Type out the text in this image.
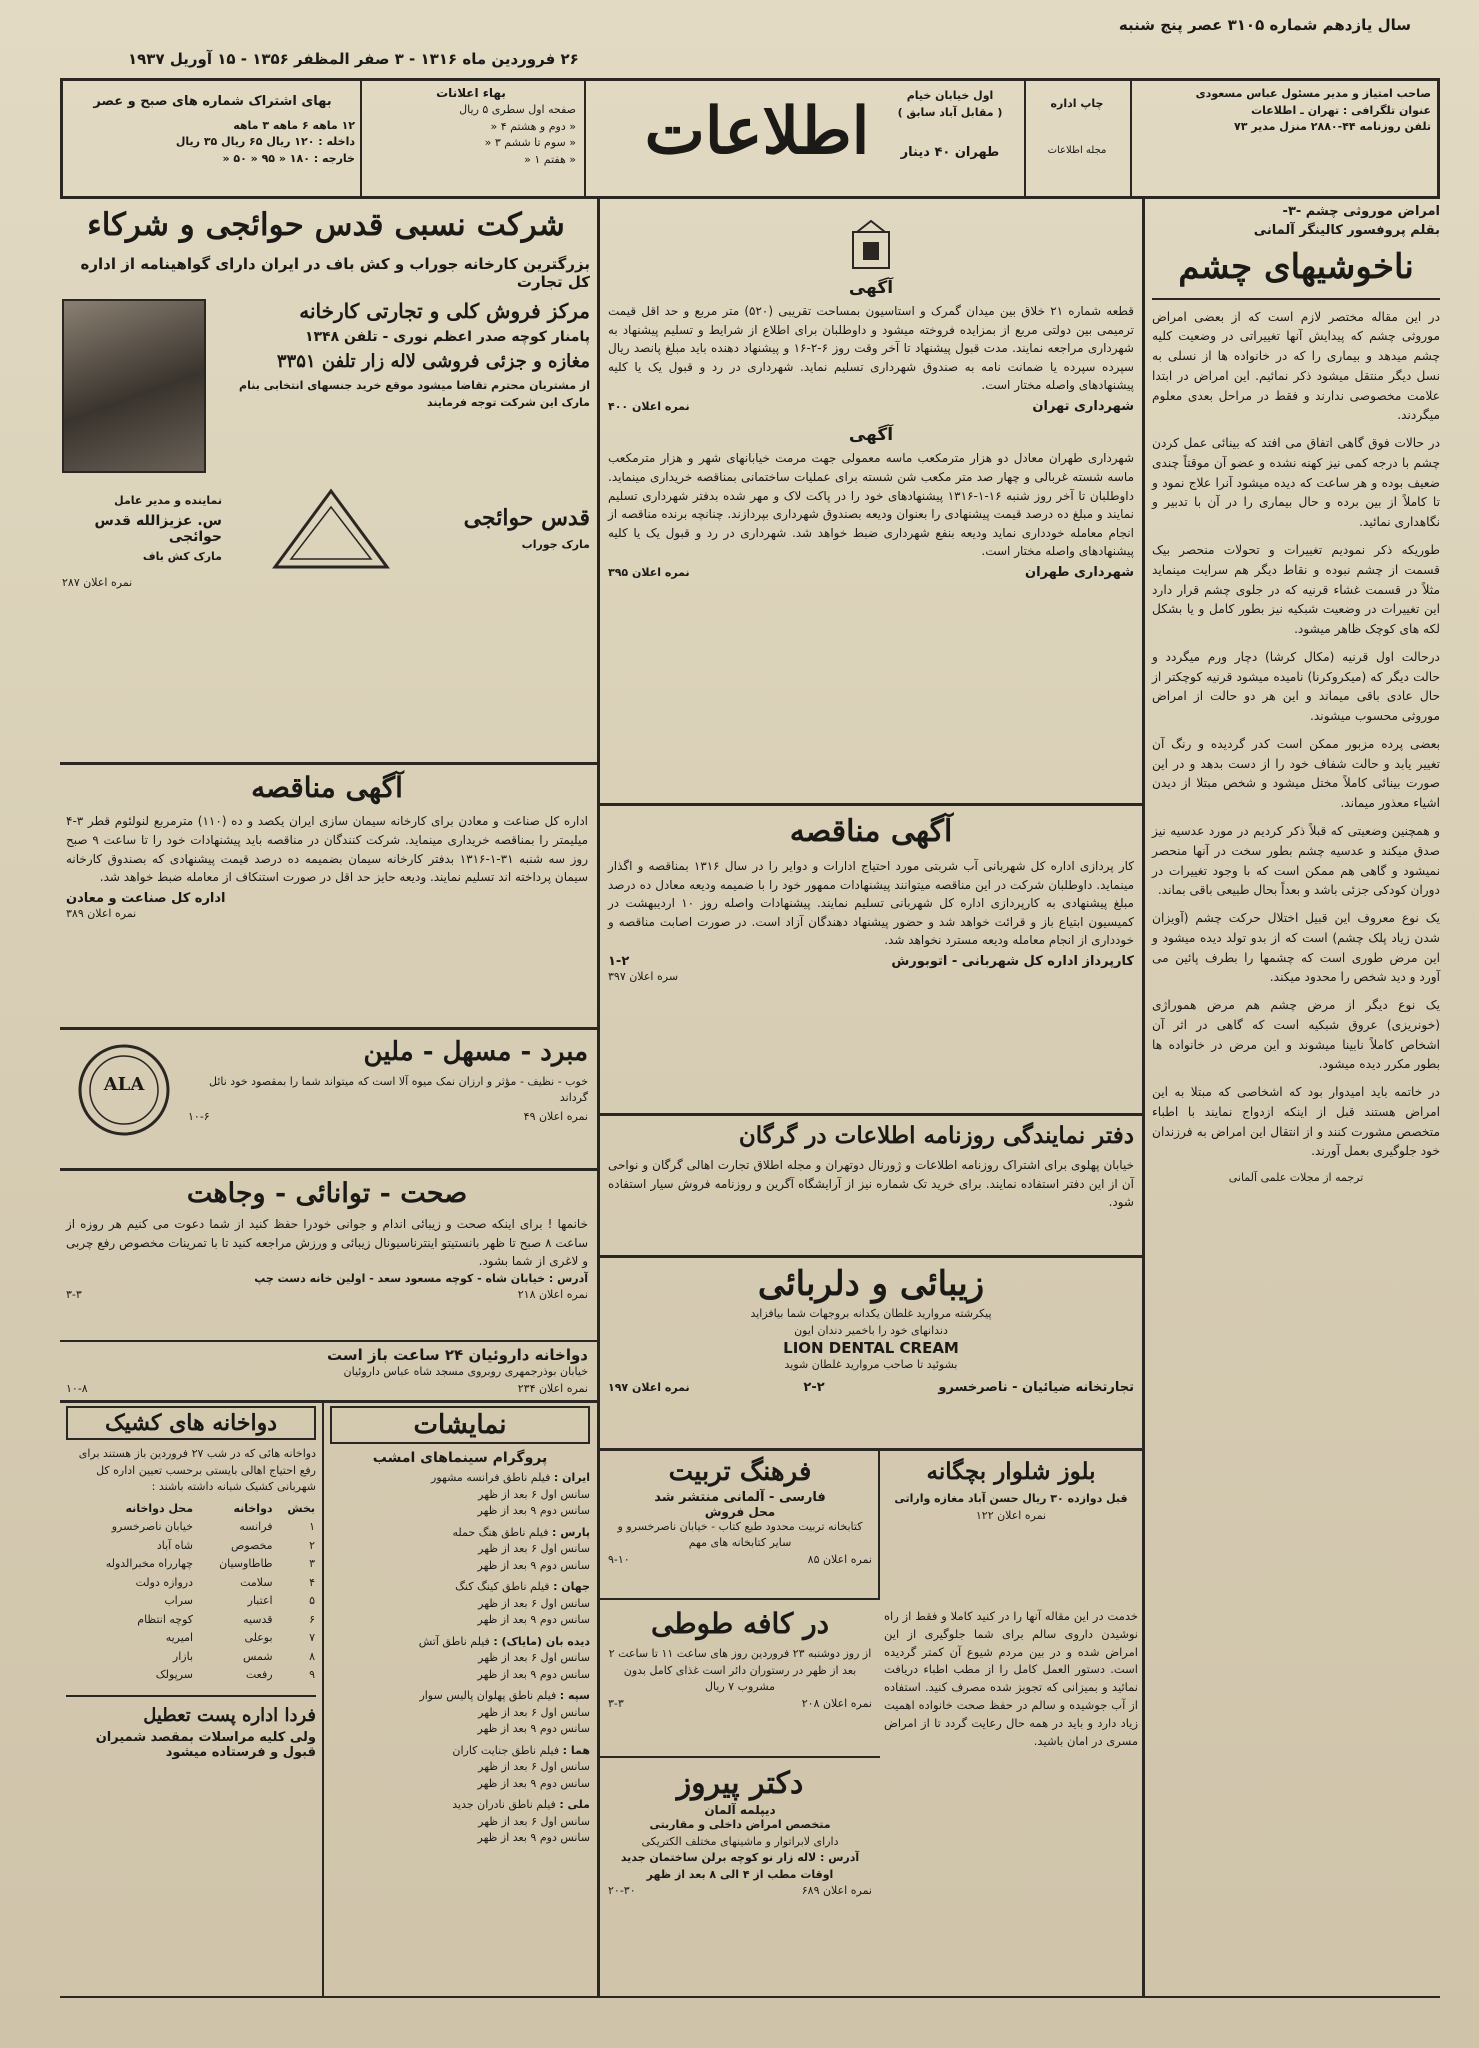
سال یازدهم شماره ۳۱۰۵ عصر پنج شنبه
۲۶ فروردین ماه ۱۳۱۶ - ۳ صفر المظفر ۱۳۵۶ - ۱۵ آوریل ۱۹۳۷
صاحب امتیاز و مدیر مسئول عباس مسعودی
عنوان تلگرافی : تهران ـ اطلاعات
تلفن روزنامه ۴۴-۲۸۸۰ منزل مدیر ۷۳
چاپ اداره
مجله اطلاعات
اطلاعات	اول خیابان خیام
( مقابل آباد سابق )
طهران ۴۰ دینار
بهاء اعلانات
صفحه اول سطری ۵ ریال
« دوم و هشتم ۴ «
« سوم تا ششم ۳ «
« هفتم ۱ «
بهای اشتراک شماره های صبح و عصر
۱۲ ماهه ۶ ماهه ۳ ماهه
داخله : ۱۲۰ ریال ۶۵ ریال ۳۵ ریال
خارجه : ۱۸۰ « ۹۵ « ۵۰ «
امراض موروثی چشم -۳-
بقلم پروفسور کالینگر آلمانی
ناخوشیهای چشم

در این مقاله مختصر لازم است که از بعضی امراض موروثی چشم که پیدایش آنها تغییراتی در وضعیت کلیه چشم میدهد و بیماری را که در خانواده ها از نسلی به نسل دیگر منتقل میشود ذکر نمائیم. این امراض در ابتدا علامت مخصوصی ندارند و فقط در مراحل بعدی معلوم میگردند.

در حالات فوق گاهی اتفاق می افتد که بینائی عمل کردن چشم با درجه کمی نیز کهنه نشده و عضو آن موقتاً چندی ضعیف بوده و هر ساعت که دیده میشود آنرا علاج نمود و تا کاملاً از بین برده و حال بیماری را در آن با تدبیر و نگاهداری نمائید.

طوریکه ذکر نمودیم تغییرات و تحولات منحصر بیک قسمت از چشم نبوده و نقاط دیگر هم سرایت مینماید مثلاً در قسمت غشاء قرنیه که در جلوی چشم قرار دارد این تغییرات در وضعیت شبکیه نیز بطور کامل و یا بشکل لکه های کوچک ظاهر میشود.

درحالت اول قرنیه (مکال کرشا) دچار ورم میگردد و حالت دیگر که (میکروکرنا) نامیده میشود قرنیه کوچکتر از حال عادی باقی میماند و این هر دو حالت از امراض موروثی محسوب میشوند.

بعضی پرده مزبور ممکن است کدر گردیده و رنگ آن تغییر یابد و حالت شفاف خود را از دست بدهد و در این صورت بینائی کاملاً مختل میشود و شخص مبتلا از دیدن اشیاء معذور میماند.

و همچنین وضعیتی که قبلاً ذکر کردیم در مورد عدسیه نیز صدق میکند و عدسیه چشم بطور سخت در آنها منحصر نمیشود و گاهی هم ممکن است که با وجود تغییرات در دوران کودکی جزئی باشد و بعداً بحال طبیعی باقی بماند.

یک نوع معروف این قبیل اختلال حرکت چشم (آویزان شدن زیاد پلک چشم) است که از بدو تولد دیده میشود و این مرض طوری است که چشمها را بطرف پائین می آورد و دید شخص را محدود میکند.

یک نوع دیگر از مرض چشم هم مرض هموراژی (خونریزی) عروق شبکیه است که گاهی در اثر آن اشخاص کاملاً نابینا میشوند و این مرض در خانواده ها بطور مکرر دیده میشود.

در خاتمه باید امیدوار بود که اشخاصی که مبتلا به این امراض هستند قبل از اینکه ازدواج نمایند با اطباء متخصص مشورت کنند و از انتقال این امراض به فرزندان خود جلوگیری بعمل آورند.

ترجمه از مجلات علمی آلمانی
آگهی
قطعه شماره ۲۱ خلاق بین میدان گمرک و استاسیون بمساحت تقریبی (۵۲۰) متر مربع و حد اقل قیمت ترمیمی بین دولتی مربع از بمزایده فروخته میشود و داوطلبان برای اطلاع از شرایط و تسلیم پیشنهاد به شهرداری مراجعه نمایند. مدت قبول پیشنهاد تا آخر وقت روز ۶-۲-۱۶ و پیشنهاد دهنده باید مبلغ پانصد ریال سپرده سپرده یا ضمانت نامه به صندوق شهرداری تسلیم نماید. شهرداری در رد و قبول یک یا کلیه پیشنهادهای واصله مختار است.
شهرداری تهران
نمره اعلان ۴۰۰
آگهی
شهرداری طهران معادل دو هزار مترمکعب ماسه معمولی جهت مرمت خیابانهای شهر و هزار مترمکعب ماسه شسته غربالی و چهار صد متر مکعب شن شسته برای عملیات ساختمانی بمناقصه خریداری مینماید. داوطلبان تا آخر روز شنبه ۱۶-۱-۱۳۱۶ پیشنهادهای خود را در پاکت لاک و مهر شده بدفتر شهرداری تسلیم نمایند و مبلغ ده درصد قیمت پیشنهادی را بعنوان ودیعه بصندوق شهرداری بپردازند. چنانچه برنده مناقصه از انجام معامله خودداری نماید ودیعه بنفع شهرداری ضبط خواهد شد. شهرداری در رد و قبول یک یا کلیه پیشنهادهای واصله مختار است.
شهرداری طهران
نمره اعلان ۳۹۵
آگهی مناقصه
کار پردازی اداره کل شهربانی آب شربتی مورد احتیاج ادارات و دوایر را در سال ۱۳۱۶ بمناقصه و اگذار مینماید. داوطلبان شرکت در این مناقصه میتوانند پیشنهادات ممهور خود را با ضمیمه ودیعه معادل ده درصد مبلغ پیشنهادی به کارپردازی اداره کل شهربانی تسلیم نمایند. پیشنهادات واصله روز ۱۰ اردیبهشت در کمیسیون ابتیاع باز و قرائت خواهد شد و حضور پیشنهاد دهندگان آزاد است. در صورت اصابت مناقصه و خودداری از انجام معامله ودیعه مسترد نخواهد شد.
کارپرداز اداره کل شهربانی - اتوبورش
۱-۲
سره اعلان ۳۹۷
دفتر نمایندگی روزنامه اطلاعات در گرگان
خیابان پهلوی برای اشتراک روزنامه اطلاعات و ژورنال دوتهران و مجله اطلاق تجارت اهالی گرگان و نواحی آن از این دفتر استفاده نمایند. برای خرید تک شماره نیز از آرایشگاه آگرین و روزنامه فروش سیار استفاده شود.
زیبائی و دلربائی
پیکرشته مروارید غلطان یکدانه بروجهات شما بیافزاید
دندانهای خود را باخمیر دندان ایون
LION DENTAL CREAM
بشوئید تا صاحب مروارید غلطان شوید
تجارتخانه ضیائیان - ناصرخسرو
۲-۲
نمره اعلان ۱۹۷
بلوز شلوار بچگانه
قبل دوازده ۳۰ ریال حسن آباد مغازه واراتی
نمره اعلان ۱۲۲
فرهنگ تربیت
فارسی - آلمانی منتشر شد
محل فروش
کتابخانه تربیت محدود طبع کتاب - خیابان ناصرخسرو و سایر کتابخانه های مهم
نمره اعلان ۸۵
۹-۱۰
خدمت در این مقاله آنها را در کنید کاملا و فقط از راه نوشیدن داروی سالم برای شما جلوگیری از این امراض شده و در بین مردم شیوع آن کمتر گردیده است. دستور العمل کامل را از مطب اطباء دریافت نمائید و بمیزانی که تجویز شده مصرف کنید. استفاده از آب جوشیده و سالم در حفظ صحت خانواده اهمیت زیاد دارد و باید در همه حال رعایت گردد تا از امراض مسری در امان باشید.
در کافه طوطی
از روز دوشنبه ۲۳ فروردین روز های ساعت ۱۱ تا ساعت ۲ بعد از ظهر در رستوران دائر است غذای کامل بدون مشروب ۷ ریال
نمره اعلان ۲۰۸
۳-۳
دکتر پیروز
دیپلمه آلمان
متخصص امراض داخلی و مقاربتی
دارای لابراتوار و ماشینهای مختلف الکتریکی
آدرس : لاله زار نو کوچه برلن ساختمان جدید
اوقات مطب از ۴ الی ۸ بعد از ظهر
نمره اعلان ۶۸۹
۲۰-۳۰
شرکت نسبی قدس حوائجی و شرکاء
بزرگترین کارخانه جوراب و کش باف در ایران دارای گواهینامه از اداره کل تجارت
مرکز فروش کلی و تجارتی کارخانه
پامنار کوچه صدر اعظم نوری - تلفن ۱۳۴۸
مغازه و جزئی فروشی لاله زار تلفن ۳۳۵۱
از مشتریان محترم تقاضا میشود موقع خرید جنسهای انتخابی بنام مارک این شرکت توجه فرمایند
قدس حوائجی
مارک جوراب
نماینده و مدیر عامل
س. عزیزالله قدس حوائجی
مارک کش باف
نمره اعلان ۲۸۷
آگهی مناقصه
اداره کل صناعت و معادن برای کارخانه سیمان سازی ایران یکصد و ده (۱۱۰) مترمربع لنولئوم قطر ۳-۴ میلیمتر را بمناقصه خریداری مینماید. شرکت کنندگان در مناقصه باید پیشنهادات خود را تا ساعت ۹ صبح روز سه شنبه ۳۱-۱-۱۳۱۶ بدفتر کارخانه سیمان بضمیمه ده درصد قیمت پیشنهادی که بصندوق کارخانه سیمان پرداخته اند تسلیم نمایند. ودیعه حایز حد اقل در صورت استنکاف از معامله ضبط خواهد شد.
اداره کل صناعت و معادن
نمره اعلان ۳۸۹
ALA
مبرد - مسهل - ملین
خوب - نظیف - مؤثر و ارزان نمک میوه آلا است که میتواند شما را بمقصود خود نائل گرداند
نمره اعلان ۴۹
۱۰-۶
صحت - توانائی - وجاهت
خانمها ! برای اینکه صحت و زیبائی اندام و جوانی خودرا حفظ کنید از شما دعوت می کنیم هر روزه از ساعت ۸ صبح تا ظهر بانستیتو اینترناسیونال زیبائی و ورزش مراجعه کنید تا با تمرینات مخصوص رفع چربی و لاغری از شما بشود.
آدرس : خیابان شاه - کوچه مسعود سعد - اولین خانه دست چپ
نمره اعلان ۲۱۸
۳-۳
دواخانه داروئیان ۲۴ ساعت باز است
خیابان بوذرجمهری روبروی مسجد شاه عباس داروئیان
نمره اعلان ۲۳۴
۱۰-۸
نمایشات
پروگرام سینماهای امشب
ایران : فیلم ناطق فرانسه مشهور
سانس اول ۶ بعد از ظهر
سانس دوم ۹ بعد از ظهر
پارس : فیلم ناطق هنگ حمله
سانس اول ۶ بعد از ظهر
سانس دوم ۹ بعد از ظهر
جهان : فیلم ناطق کینگ کنگ
سانس اول ۶ بعد از ظهر
سانس دوم ۹ بعد از ظهر
دیده بان (مایاک) : فیلم ناطق آتش
سانس اول ۶ بعد از ظهر
سانس دوم ۹ بعد از ظهر
سپه : فیلم ناطق پهلوان پالیس سوار
سانس اول ۶ بعد از ظهر
سانس دوم ۹ بعد از ظهر
هما : فیلم ناطق جنایت کاران
سانس اول ۶ بعد از ظهر
سانس دوم ۹ بعد از ظهر
ملی : فیلم ناطق نادران جدید
سانس اول ۶ بعد از ظهر
سانس دوم ۹ بعد از ظهر
دواخانه های کشیک
دواخانه هائی که در شب ۲۷ فروردین باز هستند برای رفع احتیاج اهالی بایستی برحسب تعیین اداره کل شهربانی کشیک شبانه داشته باشند :
بخش	دواخانه	محل دواخانه
۱	فرانسه	خیابان ناصرخسرو
۲	مخصوص	شاه آباد
۳	طاطاوسیان	چهارراه مخبرالدوله
۴	سلامت	دروازه دولت
۵	اعتبار	سراب
۶	قدسیه	کوچه انتظام
۷	بوعلی	امیریه
۸	شمس	بازار
۹	رفعت	سرپولک
فردا اداره پست تعطیل
ولی کلیه مراسلات بمقصد شمیران قبول و فرستاده میشود
